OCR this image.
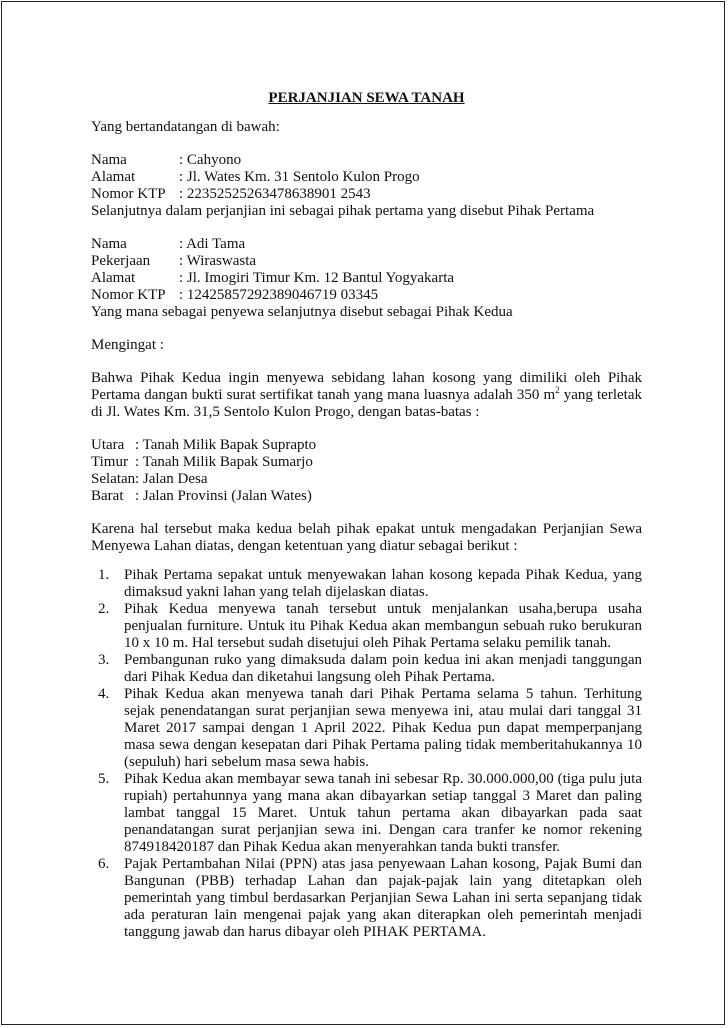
PERJANJIAN SEWA TANAH

Yang bertandatangan di bawah:

Nama	: Cahyono
Alamat	: Jl. Wates Km. 31 Sentolo Kulon Progo
Nomor KTP : 22352525263478638901 2543

Selanjutnya dalam perjanjian ini sebagai pihak pertama yang disebut Pihak Pertama

Nama	: Adi Tama
Pekerjaan	: Wiraswasta
Alamat	: Jl. Imogiri Timur Km. 12 Bantul Yogyakarta
Nomor KTP : 12425857292389046719 03345

Yang mana sebagai penyewa selanjutnya disebut sebagai Pihak Kedua

Mengingat :

Bahwa Pihak Kedua ingin menyewa sebidang lahan kosong yang dimiliki oleh Pihak Pertama dangan bukti surat sertifikat tanah yang mana luasnya adalah 350 $m^2$ yang terletak di Jl. Wates Km. 31,5 Sentolo Kulon Progo, dengan batas-batas :

Utara : Tanah Milik Bapak Suprapto
Timur : Tanah Milik Bapak Sumarjo
Selatan : Jalan Desa
Barat : Jalan Provinsi (Jalan Wates)

Karena hal tersebut maka kedua belah pihak epakat untuk mengadakan Perjanjian Sewa Menyewa Lahan diatas, dengan ketentuan yang diatur sebagai berikut :

1. Pihak Pertama sepakat untuk menyewakan lahan kosong kepada Pihak Kedua, yang dimaksud yakni lahan yang telah dijelaskan diatas.
2. Pihak Kedua menyewa tanah tersebut untuk menjalankan usaha,berupa usaha penjualan furniture. Untuk itu Pihak Kedua akan membangun sebuah ruko berukuran 10 x 10 m. Hal tersebut sudah disetujui oleh Pihak Pertama selaku pemilik tanah.
3. Pembangunan ruko yang dimaksuda dalam poin kedua ini akan menjadi tanggungan dari Pihak Kedua dan diketahui langsung oleh Pihak Pertama.
4. Pihak Kedua akan menyewa tanah dari Pihak Pertama selama 5 tahun. Terhitung sejak penendatangan surat perjanjian sewa menyewa ini, atau mulai dari tanggal 31 Maret 2017 sampai dengan 1 April 2022. Pihak Kedua pun dapat memperpanjang masa sewa dengan kesepatan dari Pihak Pertama paling tidak memberitahukannya 10 (sepuluh) hari sebelum masa sewa habis.
5. Pihak Kedua akan membayar sewa tanah ini sebesar Rp. 30.000.000,00 (tiga pulu juta rupiah) pertahunnya yang mana akan dibayarkan setiap tanggal 3 Maret dan paling lambat tanggal 15 Maret. Untuk tahun pertama akan dibayarkan pada saat penandatangan surat perjanjian sewa ini. Dengan cara tranfer ke nomor rekening 874918420187 dan Pihak Kedua akan menyerahkan tanda bukti transfer.
6. Pajak Pertambahan Nilai (PPN) atas jasa penyewaan Lahan kosong, Pajak Bumi dan Bangunan (PBB) terhadap Lahan dan pajak-pajak lain yang ditetapkan oleh pemerintah yang timbul berdasarkan Perjanjian Sewa Lahan ini serta sepanjang tidak ada peraturan lain mengenai pajak yang akan diterapkan oleh pemerintah menjadi tanggung jawab dan harus dibayar oleh PIHAK PERTAMA.
